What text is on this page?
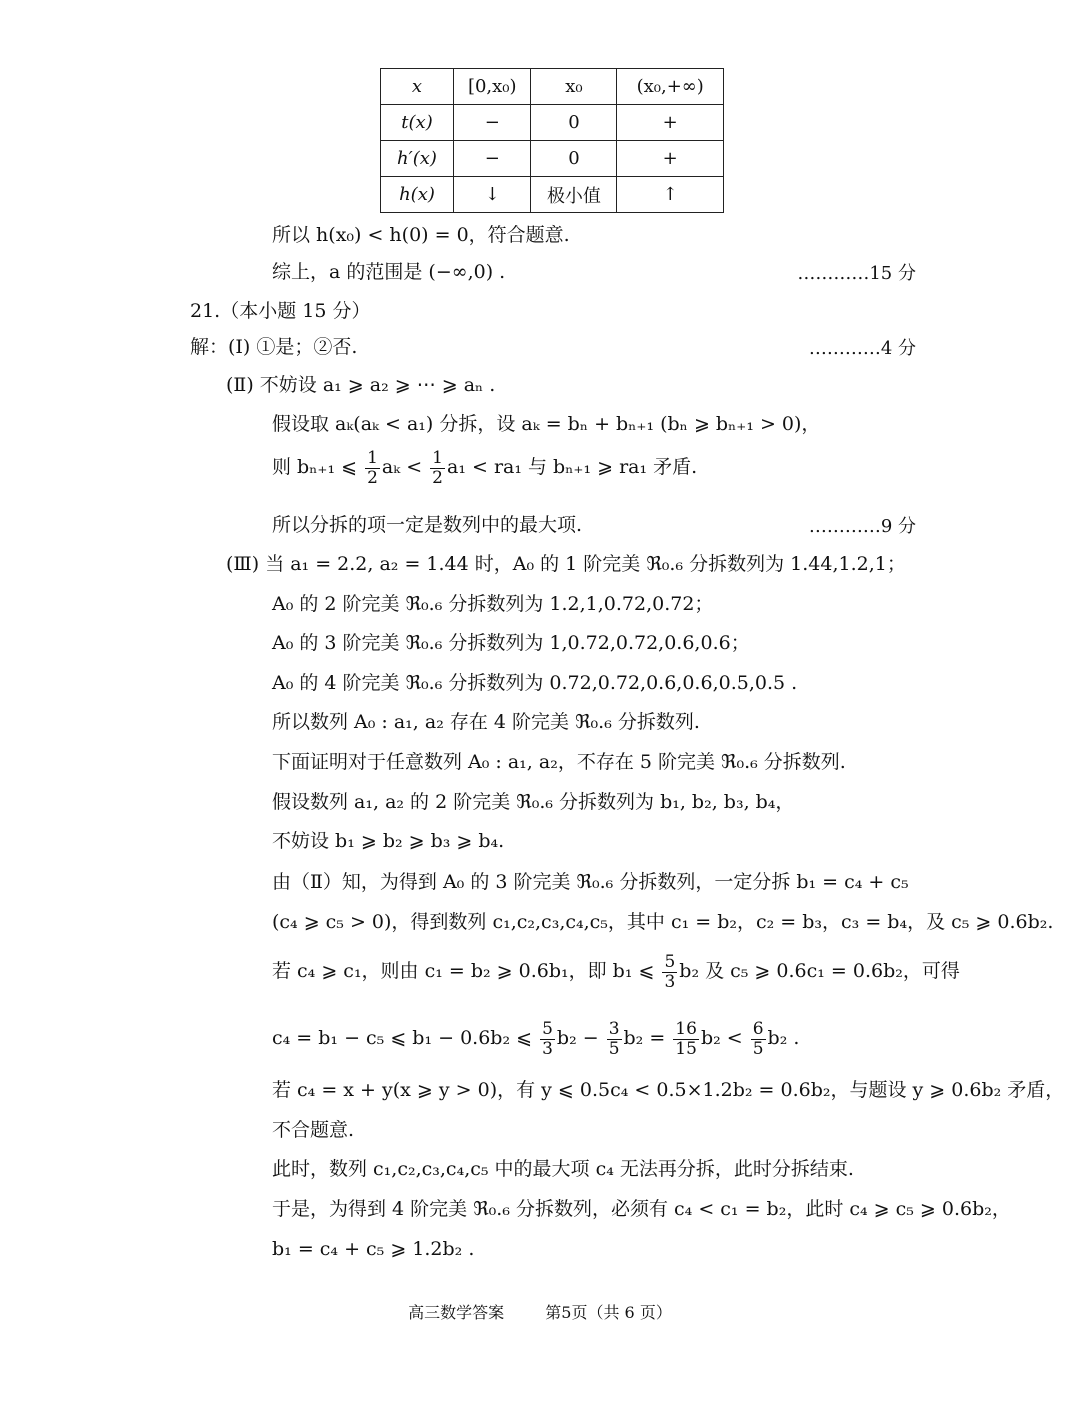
x	[0,x₀)	x₀	(x₀,+∞)
t(x)	−	0	+
h′(x)	−	0	+
h(x)	↓	极小值	↑
所以 h(x₀) < h(0) = 0，符合题意.
综上，a 的范围是 (−∞,0) .	…………15 分
21.（本小题 15 分）
解：(Ⅰ) ①是；②否.	…………4 分
(Ⅱ) 不妨设 a₁ ⩾ a₂ ⩾ ⋯ ⩾ aₙ .
假设取 aₖ(aₖ < a₁) 分拆，设 aₖ = bₙ + bₙ₊₁ (bₙ ⩾ bₙ₊₁ > 0)，
则 bₙ₊₁ ⩽ $\frac{1}{2}$ $a_k < \frac{1}{2} a_1 < ra_1$ 与 bₙ₊₁ ⩾ ra₁ 矛盾.
所以分拆的项一定是数列中的最大项.	…………9 分
(Ⅲ) 当 a₁ = 2.2, a₂ = 1.44 时，A₀ 的 1 阶完美 ℜ₀.₆ 分拆数列为 1.44,1.2,1；
A₀ 的 2 阶完美 ℜ₀.₆ 分拆数列为 1.2,1,0.72,0.72；
A₀ 的 3 阶完美 ℜ₀.₆ 分拆数列为 1,0.72,0.72,0.6,0.6；
A₀ 的 4 阶完美 ℜ₀.₆ 分拆数列为 0.72,0.72,0.6,0.6,0.5,0.5 .
所以数列 A₀ : a₁, a₂ 存在 4 阶完美 ℜ₀.₆ 分拆数列.
下面证明对于任意数列 A₀ : a₁, a₂，不存在 5 阶完美 ℜ₀.₆ 分拆数列.
假设数列 a₁, a₂ 的 2 阶完美 ℜ₀.₆ 分拆数列为 b₁, b₂, b₃, b₄，
不妨设 b₁ ⩾ b₂ ⩾ b₃ ⩾ b₄.
由（Ⅱ）知，为得到 A₀ 的 3 阶完美 ℜ₀.₆ 分拆数列，一定分拆 b₁ = c₄ + c₅
(c₄ ⩾ c₅ > 0)，得到数列 c₁,c₂,c₃,c₄,c₅，其中 c₁ = b₂，c₂ = b₃，c₃ = b₄，及 c₅ ⩾ 0.6b₂.
若 c₄ ⩾ c₁，则由 c₁ = b₂ ⩾ 0.6b₁，即 b₁ ⩽ $\frac{5}{3} b_2$ 及 c₅ ⩾ 0.6c₁ = 0.6b₂，可得
c₄ = b₁ − c₅ ⩽ b₁ − 0.6b₂ ⩽ $\frac{5}{3} b_2 - \frac{3}{5} b_2 = \frac{16}{15} b_2 < \frac{6}{5} b_2$ .
若 c₄ = x + y(x ⩾ y > 0)，有 y ⩽ 0.5c₄ < 0.5×1.2b₂ = 0.6b₂，与题设 y ⩾ 0.6b₂ 矛盾，
不合题意.
此时，数列 c₁,c₂,c₃,c₄,c₅ 中的最大项 c₄ 无法再分拆，此时分拆结束.
于是，为得到 4 阶完美 ℜ₀.₆ 分拆数列，必须有 c₄ < c₁ = b₂，此时 c₄ ⩾ c₅ ⩾ 0.6b₂，
b₁ = c₄ + c₅ ⩾ 1.2b₂ .
高三数学答案	第5页（共 6 页）
